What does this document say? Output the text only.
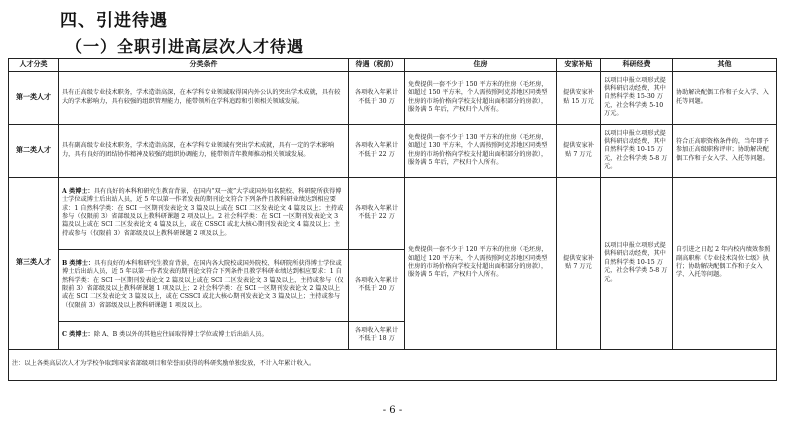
四、引进待遇
（一）全职引进高层次人才待遇

人才分类	分类条件	待遇（税前）	住房	安家补贴	科研经费	其他
第一类人才	具有正高级专业技术职务，学术造诣高深，在本学科专业领域取得国内外公认的突出学术成就，具有较大的学术影响力，具有较强的组织管理能力，能带领所在学科追踪和引领相关领域发展。	各项收入年累计不低于 30 万	免费提供一套不少于 150 平方米的住房（毛坯房，如超过 150 平方米，个人需按照阿克苏地区同类型住房的市场价格向学校支付超出面积部分的房款），服务满 5 年后，产权归个人所有。	提供安家补贴 15 万元	以项目申报立项形式提供科研启动经费，其中自然科学类 15-30 万元，社会科学类 5-10 万元。	协助解决配偶工作和子女入学、入托等问题。
第二类人才	具有副高级专业技术职务，学术造诣高深，在本学科专业领域有突出学术成就，具有一定的学术影响力，具有良好的团结协作精神及较强的组织协调能力，能带领青年教师推动相关领域发展。	各项收入年累计不低于 22 万	免费提供一套不少于 130 平方米的住房（毛坯房，如超过 130 平方米，个人需按照阿克苏地区同类型住房的市场价格向学校支付超出面积部分的房款），服务满 5 年后，产权归个人所有。	提供安家补贴 7 万元	以项目申报立项形式提供科研启动经费，其中自然科学类 10-15 万元，社会科学类 5-8 万元。	符合正高职资格条件的，当年即予参加正高级职称评审；协助解决配偶工作和子女入学、入托等问题。
第三类人才	A 类博士：具有良好的本科和研究生教育背景，在国内“双一流”大学或国外知名院校、科研院所获得博士学位或博士后出站人员，近 5 年以第一作者发表的期刊论文符合下列条件且教科研业绩达到相应要求：1 自然科学类：在 SCI 一区期刊发表论文 3 篇及以上或在 SCI 二区发表论文 4 篇及以上；主持或参与（仅限前 3）省部级及以上教科研课题 2 项及以上。2 社会科学类：在 SCI 一区期刊发表论文 3 篇及以上或在 SCI 二区发表论文 4 篇及以上，或在 CSSCI 或北大核心期刊发表论文 4 篇及以上；主持或参与（仅限前 3）省部级及以上教科研课题 2 项及以上。	各项收入年累计不低于 22 万	免费提供一套不少于 120 平方米的住房（毛坯房，如超过 120 平方米，个人需按照阿克苏地区同类型住房的市场价格向学校支付超出面积部分的房款），服务满 5 年后，产权归个人所有。	提供安家补贴 7 万元	以项目申报立项形式提供科研启动经费，其中自然科学类 10-15 万元，社会科学类 5-8 万元。	自引进之日起 2 年内校内绩效参照副高职称《专业技术岗位七级》执行；协助解决配偶工作和子女入学、入托等问题。
	B 类博士：具有良好的本科和研究生教育背景，在国内各大院校或国外院校、科研院所获得博士学位或博士后出站人员，近 5 年以第一作者发表的期刊论文符合下列条件且教学科研业绩达到相应要求：1 自然科学类：在 SCI 一区期刊发表论文 2 篇及以上或在 SCI 二区发表论文 3 篇及以上，主持或参与（仅限前 3）省部级及以上教科研课题 1 项及以上；2 社会科学类：在 SCI 一区期刊发表论文 2 篇及以上或在 SCI 二区发表论文 3 篇及以上，或在 CSSCI 或北大核心期刊发表论文 3 篇及以上；主持或参与（仅限前 3）省部级及以上教科研课题 1 项及以上。	各项收入年累计不低于 20 万				
	C 类博士：除 A、B 类以外的其他应往届取得博士学位或博士后出站人员。	各项收入年累计不低于 18 万				
注：以上各类高层次人才为学校争取到国家省部级项目和荣誉而获得的科研奖励单独发放，不计入年累计收入。						
- 6 -
